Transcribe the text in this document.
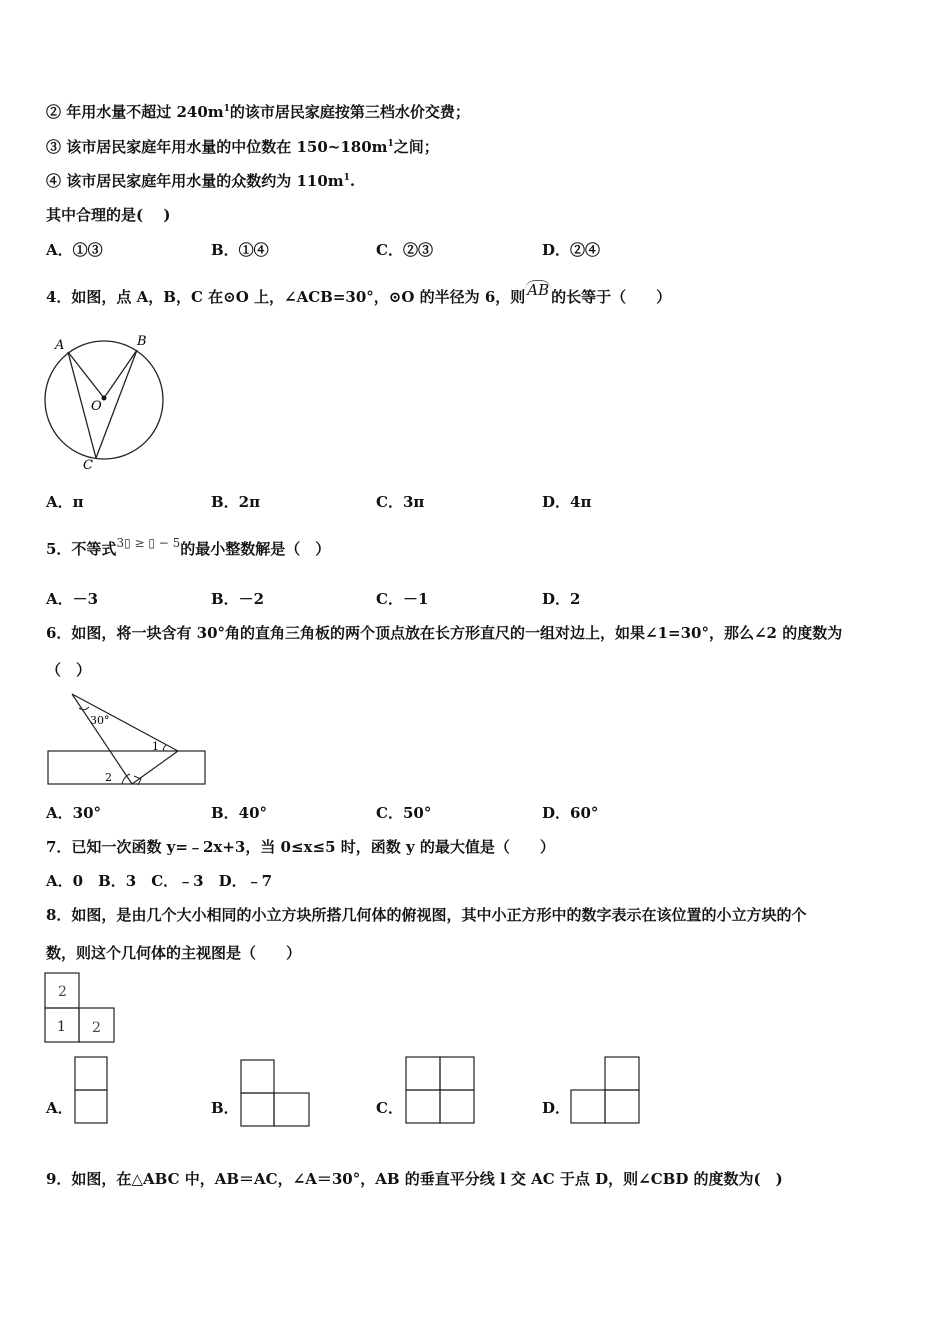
② 年用水量不超过 $240m^1$的该市居民家庭按第三档水价交费；
③ 该市居民家庭年用水量的中位数在 $150\sim 180m^1$之间；
④ 该市居民家庭年用水量的众数约为 $110m^1$.
其中合理的是(　 )
A．①③	B．①④	C．②③	D．②④
4．如图，点 A，B，C 在⊙O 上，∠ACB=30°，⊙O 的半径为 6，则 AB 的长等于（　　）
A	B
O
C
A．π	B．2π	C．3π	D．4π
5．不等式$^{3▯ \ge ▯ - 5}$的最小整数解是（　）
A．－3	B．－2	C．－1	D．2
6．如图，将一块含有 30°角的直角三角板的两个顶点放在长方形直尺的一组对边上，如果∠1=30°，那么∠2 的度数为
（　）
30°
1
2
A．30°	B．40°	C．50°	D．60°
7．已知一次函数 y=﹣2x+3，当 0≤x≤5 时，函数 y 的最大值是（　　）
A．0　B．3　C．﹣3　D．﹣7
8．如图，是由几个大小相同的小立方块所搭几何体的俯视图，其中小正方形中的数字表示在该位置的小立方块的个
数，则这个几何体的主视图是（　　）
2
1 2
A．	B．	C．	D．
9．如图，在△ABC 中，AB＝AC，∠A＝30°，AB 的垂直平分线 l 交 AC 于点 D，则∠CBD 的度数为(　)
